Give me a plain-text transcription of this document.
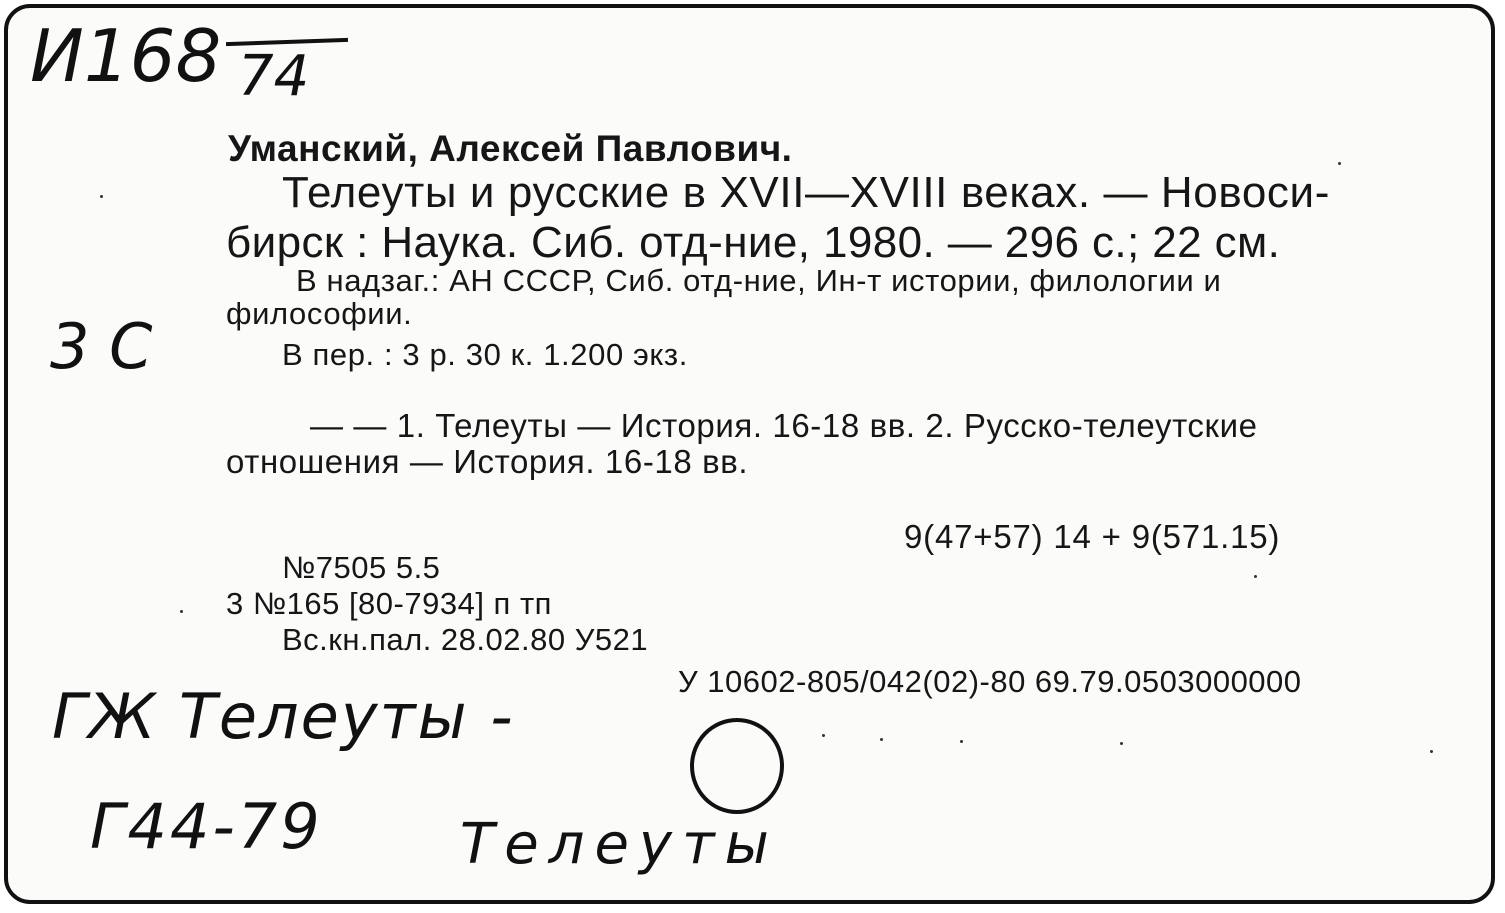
И168 74
3 С
ГЖ Телеуты -
Г44-79 Телеуты
Уманский, Алексей Павлович.
Телеуты и русские в XVII—XVIII веках. — Новоси-
бирск : Наука. Сиб. отд-ние, 1980. — 296 с.; 22 см.
В надзаг.: АН СССР, Сиб. отд-ние, Ин-т истории, филологии и
философии.
В пер. : 3 р. 30 к. 1.200 экз.
— — 1. Телеуты — История. 16-18 вв. 2. Русско-телеутские
отношения — История. 16-18 вв.
9(47+57) 14 + 9(571.15)
№7505 5.5
3 №165 [80-7934] п тп
Вс.кн.пал. 28.02.80 У521
У 10602-805/042(02)-80 69.79.0503000000
